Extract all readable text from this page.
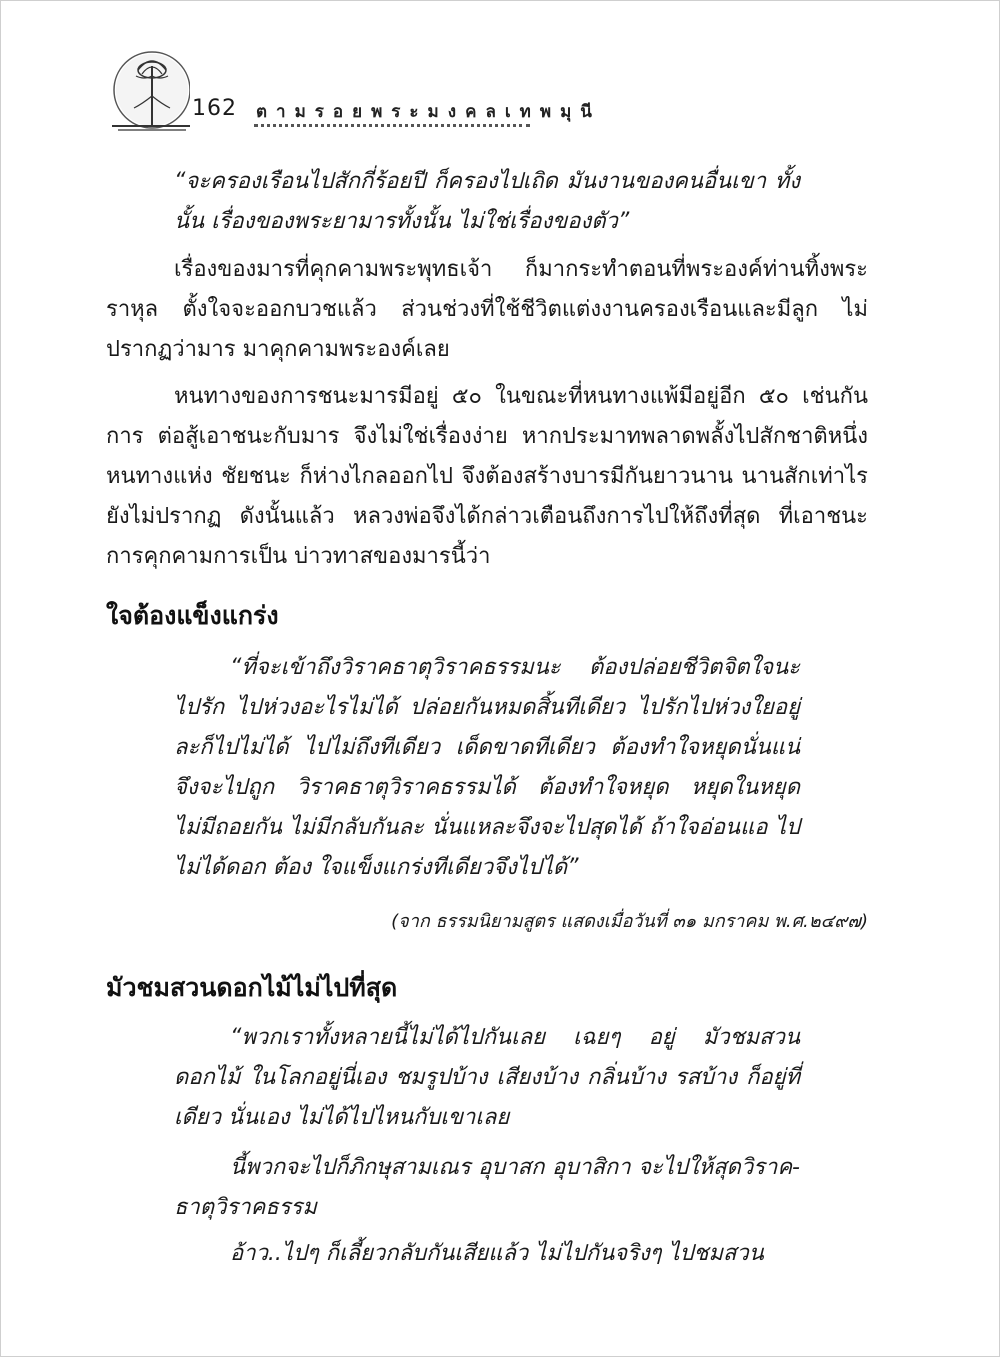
162 ตามรอยพระมงคลเทพมุนี

“จะครองเรือนไปสักกี่ร้อยปี ก็ครองไปเถิด มันงานของคนอื่นเขา ทั้งนั้น เรื่องของพระยามารทั้งนั้น ไม่ใช่เรื่องของตัว”

เรื่องของมารที่คุกคามพระพุทธเจ้า ก็มากระทำตอนที่พระองค์ท่านทิ้งพระราหุล ตั้งใจจะออกบวชแล้ว ส่วนช่วงที่ใช้ชีวิตแต่งงานครองเรือนและมีลูก ไม่ปรากฏว่ามาร มาคุกคามพระองค์เลย

หนทางของการชนะมารมีอยู่ ๕๐ ในขณะที่หนทางแพ้มีอยู่อีก ๕๐ เช่นกัน การ ต่อสู้เอาชนะกับมาร จึงไม่ใช่เรื่องง่าย หากประมาทพลาดพลั้งไปสักชาติหนึ่งหนทางแห่ง ชัยชนะ ก็ห่างไกลออกไป จึงต้องสร้างบารมีกันยาวนาน นานสักเท่าไรยังไม่ปรากฏ ดังนั้นแล้ว หลวงพ่อจึงได้กล่าวเตือนถึงการไปให้ถึงที่สุด ที่เอาชนะการคุกคามการเป็น บ่าวทาสของมารนี้ว่า

ใจต้องแข็งแกร่ง

“ที่จะเข้าถึงวิราคธาตุวิราคธรรมนะ ต้องปล่อยชีวิตจิตใจนะ ไปรัก ไปห่วงอะไรไม่ได้ ปล่อยกันหมดสิ้นทีเดียว ไปรักไปห่วงใยอยู่ละก็ไปไม่ได้ ไปไม่ถึงทีเดียว เด็ดขาดทีเดียว ต้องทำใจหยุดนั่นแน่ จึงจะไปถูก วิราคธาตุวิราคธรรมได้ ต้องทำใจหยุด หยุดในหยุด ไม่มีถอยกัน ไม่มีกลับกันละ นั่นแหละจึงจะไปสุดได้ ถ้าใจอ่อนแอ ไปไม่ได้ดอก ต้อง ใจแข็งแกร่งทีเดียวจึงไปได้”

(จาก ธรรมนิยามสูตร แสดงเมื่อวันที่ ๓๑ มกราคม พ.ศ.๒๔๙๗)

มัวชมสวนดอกไม้ไม่ไปที่สุด

“พวกเราทั้งหลายนี้ไม่ได้ไปกันเลย เฉยๆ อยู่ มัวชมสวนดอกไม้ ในโลกอยู่นี่เอง ชมรูปบ้าง เสียงบ้าง กลิ่นบ้าง รสบ้าง ก็อยู่ที่เดียว นั่นเอง ไม่ได้ไปไหนกับเขาเลย

นี้พวกจะไปก็ภิกษุสามเณร อุบาสก อุบาสิกา จะไปให้สุดวิราค- ธาตุวิราคธรรม

อ้าว..ไปๆ ก็เลี้ยวกลับกันเสียแล้ว ไม่ไปกันจริงๆ ไปชมสวน
